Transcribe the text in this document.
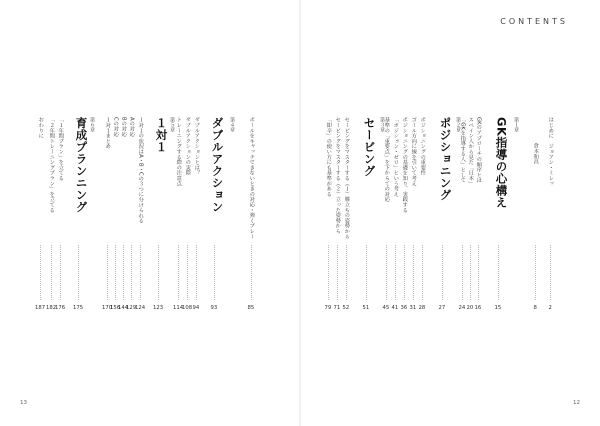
CONTENTS
13	12
はじめに　ジョアン・ミレッ
2
倉本和昌
8
第１章
GK指導の心構え
15
GKのアプローチの順序とは
16
スペイン人から見た「日本」
20
「GKを指導する人」として
24
第２章
ポジショニング
27
ポジショニングの重要性
28
ゴール方向に線を引いて考え
31
ポジショニングの基礎を知り、実践する
36
「ポジション・ゼロ」という考え
41
基準の「重要点」を下からての対応
45
第３章
セービング
51
セービングをマスターする（１）膝立ちの姿勢から
52
セービングをマスターする（２）立った姿勢から
71
「即辛」の使い方にも基準がある
79
第４章
ダブルアクション
93
ボールをキャッチできないときの対応・弾くプレー
85
ダブルアクションとは？
94
ダブルアクションの実際
108
トレーニングする際の注意点
114
第５章
１対１
123
１対１の状況はA・B・Cの３つに分けられる
124
Aの対応
129
Bの対応
144
Cの対応
156
１対１まとめ
170
第６章
育成プランニング
175
「１年間プラン」を立てる
176
「２年間トレーニングプラン」を立てる
182
おわりに
187
